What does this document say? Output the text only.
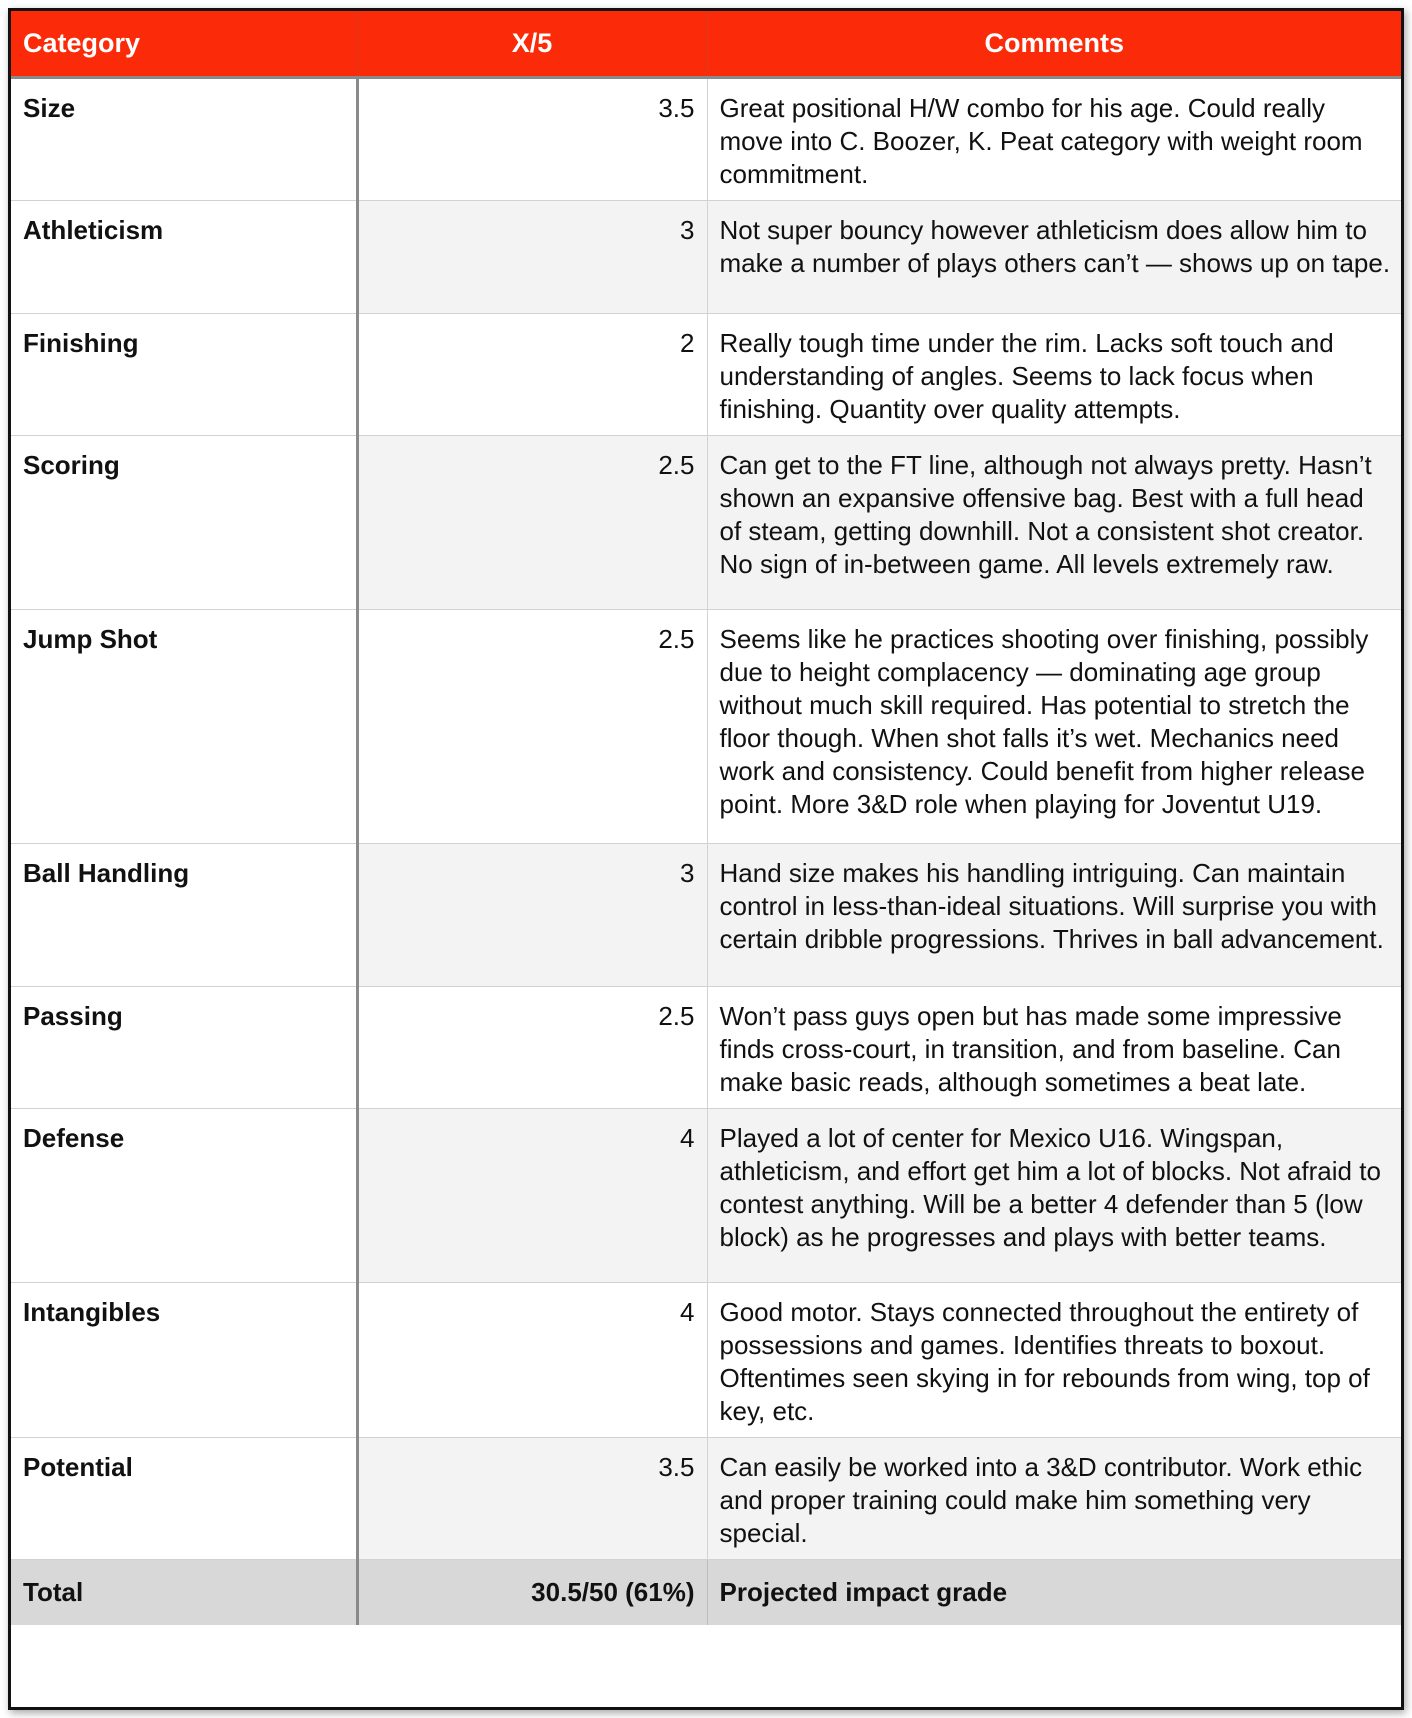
Category	X/5	Comments
Size	3.5	Great positional H/W combo for his age. Could really move into C. Boozer, K. Peat category with weight room commitment.
Athleticism	3	Not super bouncy however athleticism does allow him to make a number of plays others can’t — shows up on tape.
Finishing	2	Really tough time under the rim. Lacks soft touch and understanding of angles. Seems to lack focus when finishing. Quantity over quality attempts.
Scoring	2.5	Can get to the FT line, although not always pretty. Hasn’t shown an expansive offensive bag. Best with a full head of steam, getting downhill. Not a consistent shot creator. No sign of in-between game. All levels extremely raw.
Jump Shot	2.5	Seems like he practices shooting over finishing, possibly due to height complacency — dominating age group without much skill required. Has potential to stretch the floor though. When shot falls it’s wet. Mechanics need work and consistency. Could benefit from higher release point. More 3&D role when playing for Joventut U19.
Ball Handling	3	Hand size makes his handling intriguing. Can maintain control in less-than-ideal situations. Will surprise you with certain dribble progressions. Thrives in ball advancement.
Passing	2.5	Won’t pass guys open but has made some impressive finds cross-court, in transition, and from baseline. Can make basic reads, although sometimes a beat late.
Defense	4	Played a lot of center for Mexico U16. Wingspan, athleticism, and effort get him a lot of blocks. Not afraid to contest anything. Will be a better 4 defender than 5 (low block) as he progresses and plays with better teams.
Intangibles	4	Good motor. Stays connected throughout the entirety of possessions and games. Identifies threats to boxout. Oftentimes seen skying in for rebounds from wing, top of key, etc.
Potential	3.5	Can easily be worked into a 3&D contributor. Work ethic and proper training could make him something very special.
Total	30.5/50 (61%)	Projected impact grade
